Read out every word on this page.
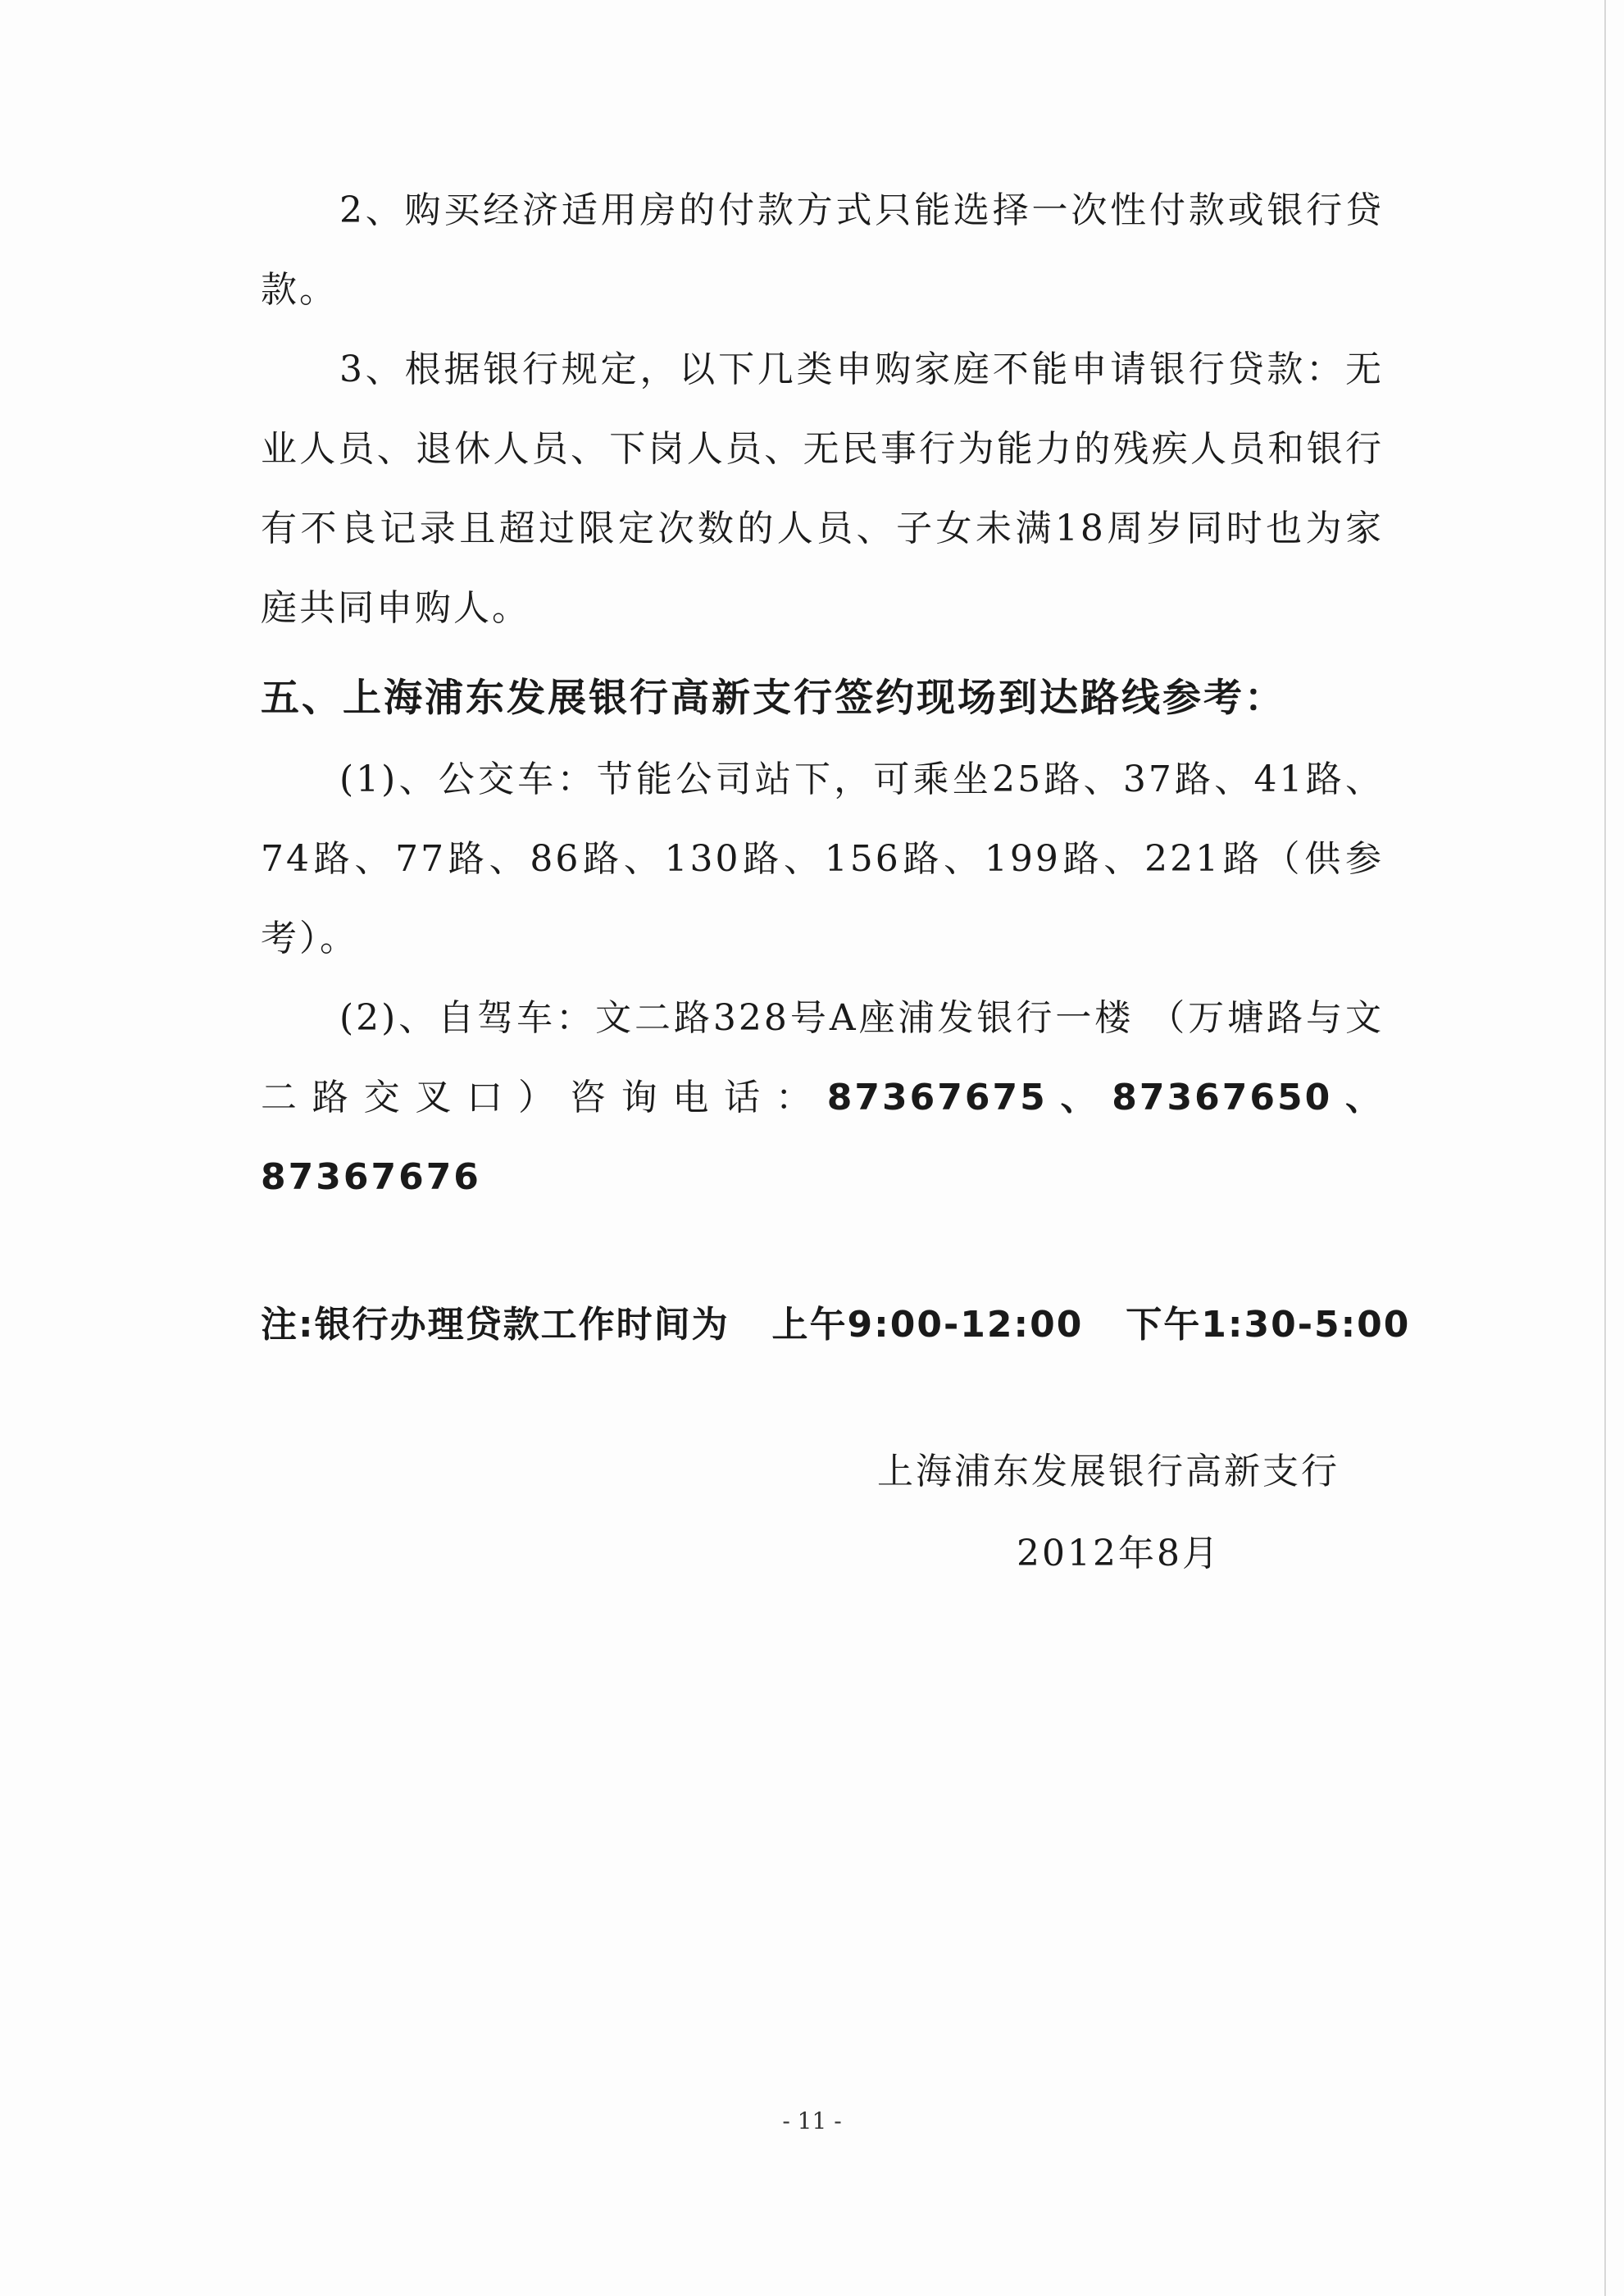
2、购买经济适用房的付款方式只能选择一次性付款或银行贷款。

3、根据银行规定，以下几类申购家庭不能申请银行贷款：无业人员、退休人员、下岗人员、无民事行为能力的残疾人员和银行有不良记录且超过限定次数的人员、子女未满18周岁同时也为家庭共同申购人。

五、上海浦东发展银行高新支行签约现场到达路线参考：

(1)、公交车：节能公司站下，可乘坐25路、37路、41路、74路、77路、86路、130路、156路、199路、221路（供参考）。

(2)、自驾车：文二路328号A座浦发银行一楼 （万塘路与文二路交叉口）咨询电话：87367675、87367650、87367676

注:银行办理贷款工作时间为   上午9:00-12:00   下午1:30-5:00

上海浦东发展银行高新支行
2012年8月
- 11 -
